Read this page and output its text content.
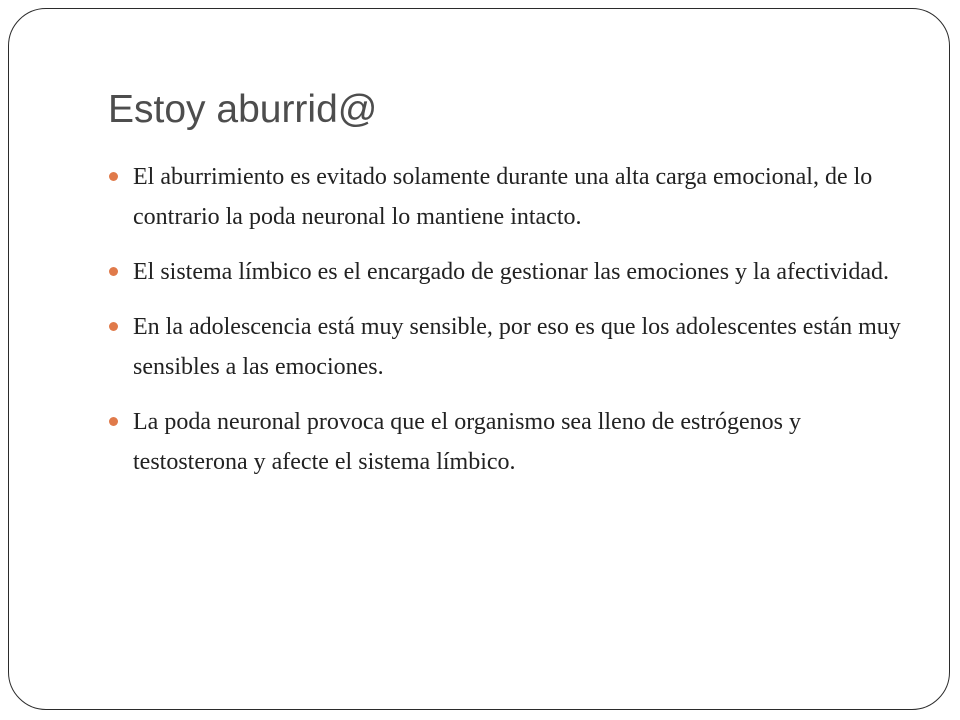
Estoy aburrid@
El aburrimiento es evitado solamente durante una alta carga emocional, de lo contrario la poda neuronal lo mantiene intacto.
El sistema límbico es el encargado de gestionar las emociones y la afectividad.
En la adolescencia está muy sensible, por eso es que los adolescentes están muy sensibles a las emociones.
La poda neuronal provoca que el organismo sea lleno de estrógenos y testosterona y afecte el sistema límbico.
